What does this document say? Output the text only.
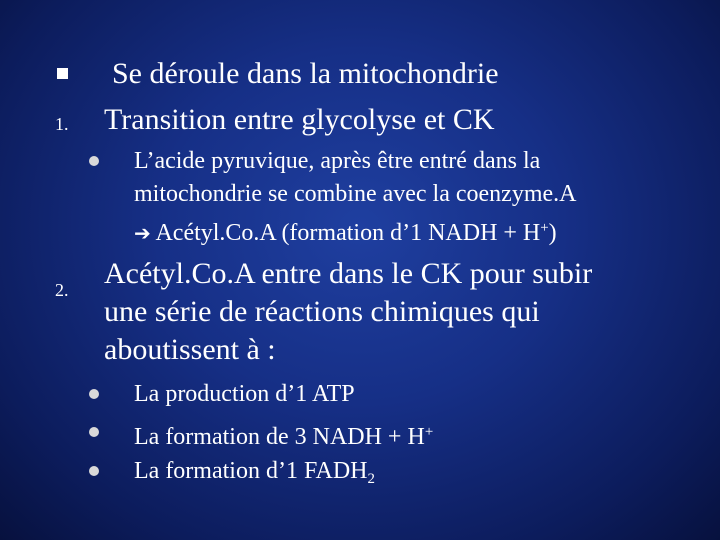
Se déroule dans la mitochondrie
1. Transition entre glycolyse et CK
L’acide pyruvique, après être entré dans la
mitochondrie se combine avec la coenzyme.A
➔ Acétyl.Co.A (formation d’1 NADH + H+)
2. Acétyl.Co.A entre dans le CK pour subir
une série de réactions chimiques qui
aboutissent à :
La production d’1 ATP
La formation de 3 NADH + H+
La formation d’1 $FADH_2$
